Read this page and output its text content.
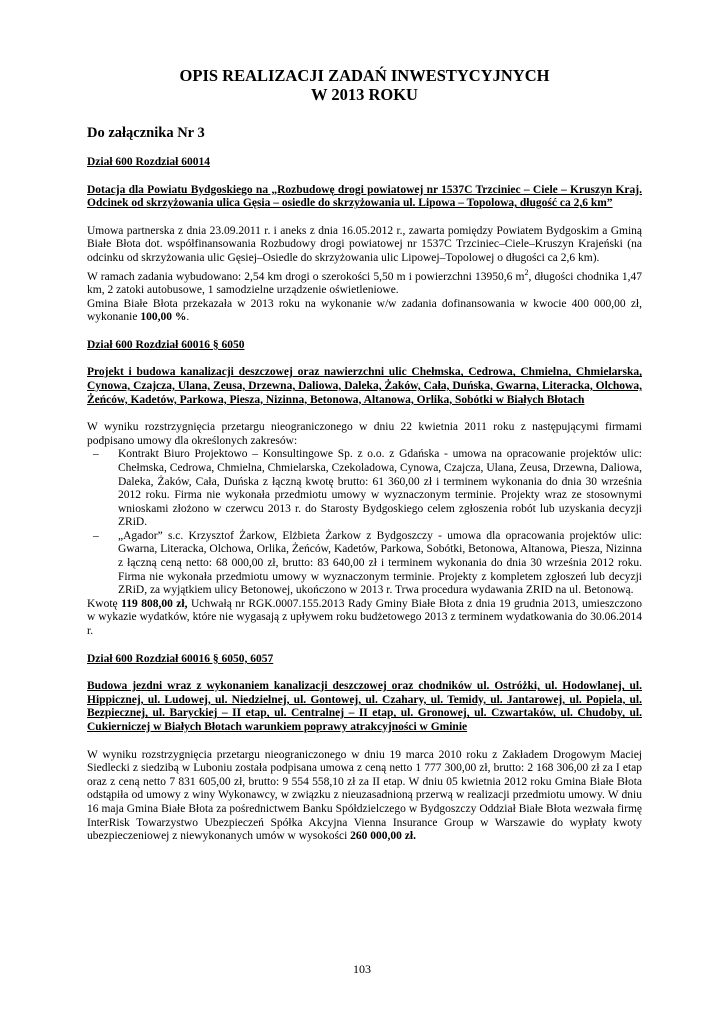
OPIS REALIZACJI ZADAŃ INWESTYCYJNYCH
W 2013 ROKU
Do załącznika Nr 3
Dział 600 Rozdział 60014
Dotacja dla Powiatu Bydgoskiego na „Rozbudowę drogi powiatowej nr 1537C Trzciniec – Ciele – Kruszyn Kraj. Odcinek od skrzyżowania ulica Gęsia – osiedle do skrzyżowania ul. Lipowa – Topolowa, długość ca 2,6 km”
Umowa partnerska z dnia 23.09.2011 r. i aneks z dnia 16.05.2012 r., zawarta pomiędzy Powiatem Bydgoskim a Gminą Białe Błota dot. współfinansowania Rozbudowy drogi powiatowej nr 1537C Trzciniec–Ciele–Kruszyn Krajeński (na odcinku od skrzyżowania ulic Gęsiej–Osiedle do skrzyżowania ulic Lipowej–Topolowej o długości ca 2,6 km).
W ramach zadania wybudowano: 2,54 km drogi o szerokości 5,50 m i powierzchni 13950,6 $m^2$, długości chodnika 1,47 km, 2 zatoki autobusowe, 1 samodzielne urządzenie oświetleniowe.
Gmina Białe Błota przekazała w 2013 roku na wykonanie w/w zadania dofinansowania w kwocie 400 000,00 zł, wykonanie 100,00 %.
Dział 600 Rozdział 60016 § 6050
Projekt i budowa kanalizacji deszczowej oraz nawierzchni ulic Chełmska, Cedrowa, Chmielna, Chmielarska, Cynowa, Czajcza, Ulana, Zeusa, Drzewna, Daliowa, Daleka, Żaków, Cała, Duńska, Gwarna, Literacka, Olchowa, Żeńców, Kadetów, Parkowa, Piesza, Nizinna, Betonowa, Altanowa, Orlika, Sobótki w Białych Błotach
W wyniku rozstrzygnięcia przetargu nieograniczonego w dniu 22 kwietnia 2011 roku z następującymi firmami podpisano umowy dla określonych zakresów:
– Kontrakt Biuro Projektowo – Konsultingowe Sp. z o.o. z Gdańska - umowa na opracowanie projektów ulic: Chełmska, Cedrowa, Chmielna, Chmielarska, Czekoladowa, Cynowa, Czajcza, Ulana, Zeusa, Drzewna, Daliowa, Daleka, Żaków, Cała, Duńska z łączną kwotę brutto: 61 360,00 zł i terminem wykonania do dnia 30 września 2012 roku. Firma nie wykonała przedmiotu umowy w wyznaczonym terminie. Projekty wraz ze stosownymi wnioskami złożono w czerwcu 2013 r. do Starosty Bydgoskiego celem zgłoszenia robót lub uzyskania decyzji ZRiD.
– „Agador” s.c. Krzysztof Żarkow, Elżbieta Żarkow z Bydgoszczy - umowa dla opracowania projektów ulic: Gwarna, Literacka, Olchowa, Orlika, Żeńców, Kadetów, Parkowa, Sobótki, Betonowa, Altanowa, Piesza, Nizinna z łączną ceną netto: 68 000,00 zł, brutto: 83 640,00 zł i terminem wykonania do dnia 30 września 2012 roku. Firma nie wykonała przedmiotu umowy w wyznaczonym terminie. Projekty z kompletem zgłoszeń lub decyzji ZRiD, za wyjątkiem ulicy Betonowej, ukończono w 2013 r. Trwa procedura wydawania ZRID na ul. Betonową.
Kwotę 119 808,00 zł, Uchwałą nr RGK.0007.155.2013 Rady Gminy Białe Błota z dnia 19 grudnia 2013, umieszczono w wykazie wydatków, które nie wygasają z upływem roku budżetowego 2013 z terminem wydatkowania do 30.06.2014 r.
Dział 600 Rozdział 60016 § 6050, 6057
Budowa jezdni wraz z wykonaniem kanalizacji deszczowej oraz chodników ul. Ostróżki, ul. Hodowlanej, ul. Hippicznej, ul. Ludowej, ul. Niedzielnej, ul. Gontowej, ul. Czahary, ul. Temidy, ul. Jantarowej, ul. Popiela, ul. Bezpiecznej, ul. Baryckiej – II etap, ul. Centralnej – II etap, ul. Gronowej, ul. Czwartaków, ul. Chudoby, ul. Cukierniczej w Białych Błotach warunkiem poprawy atrakcyjności w Gminie
W wyniku rozstrzygnięcia przetargu nieograniczonego w dniu 19 marca 2010 roku z Zakładem Drogowym Maciej Siedlecki z siedzibą w Luboniu została podpisana umowa z ceną netto 1 777 300,00 zł, brutto: 2 168 306,00 zł za I etap oraz z ceną netto 7 831 605,00 zł, brutto: 9 554 558,10 zł za II etap. W dniu 05 kwietnia 2012 roku Gmina Białe Błota odstąpiła od umowy z winy Wykonawcy, w związku z nieuzasadnioną przerwą w realizacji przedmiotu umowy. W dniu 16 maja Gmina Białe Błota za pośrednictwem Banku Spółdzielczego w Bydgoszczy Oddział Białe Błota wezwała firmę InterRisk Towarzystwo Ubezpieczeń Spółka Akcyjna Vienna Insurance Group w Warszawie do wypłaty kwoty ubezpieczeniowej z niewykonanych umów w wysokości 260 000,00 zł.
103
